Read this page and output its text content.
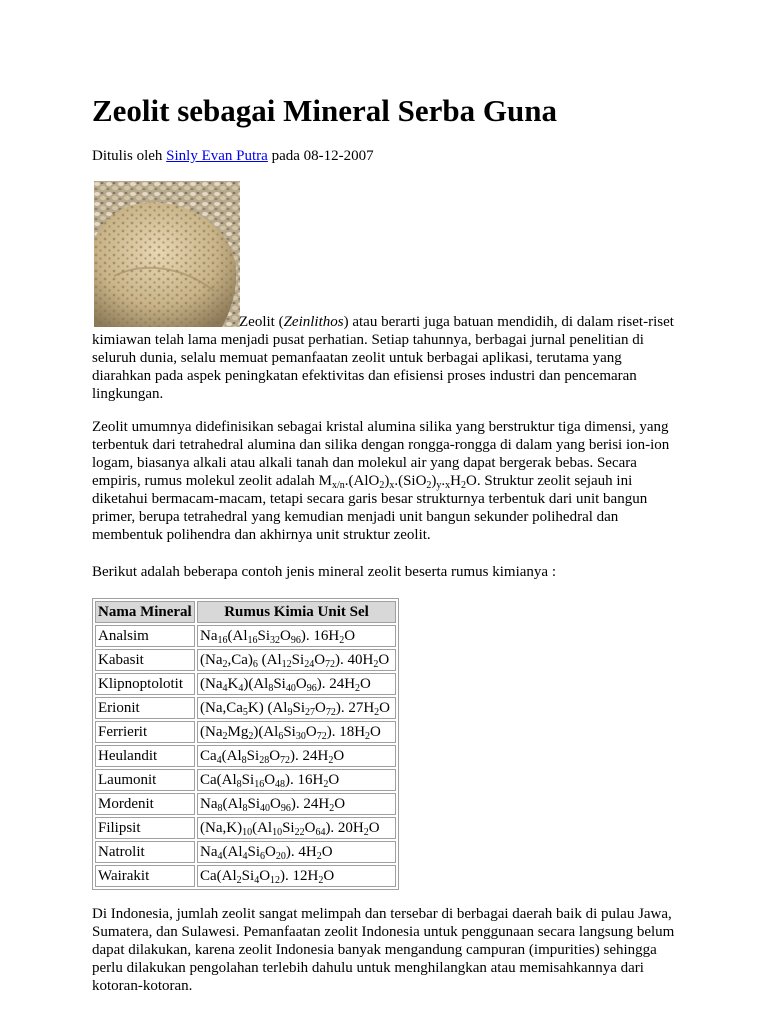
Zeolit sebagai Mineral Serba Guna
Ditulis oleh Sinly Evan Putra pada 08-12-2007

Zeolit (Zeinlithos) atau berarti juga batuan mendidih, di dalam riset-riset kimiawan telah lama menjadi pusat perhatian. Setiap tahunnya, berbagai jurnal penelitian di seluruh dunia, selalu memuat pemanfaatan zeolit untuk berbagai aplikasi, terutama yang diarahkan pada aspek peningkatan efektivitas dan efisiensi proses industri dan pencemaran lingkungan.

Zeolit umumnya didefinisikan sebagai kristal alumina silika yang berstruktur tiga dimensi, yang terbentuk dari tetrahedral alumina dan silika dengan rongga-rongga di dalam yang berisi ion-ion logam, biasanya alkali atau alkali tanah dan molekul air yang dapat bergerak bebas. Secara empiris, rumus molekul zeolit adalah $M_{x/n}.(AlO_2)_x.(SiO_2)_y._xH_2O$. Struktur zeolit sejauh ini diketahui bermacam-macam, tetapi secara garis besar strukturnya terbentuk dari unit bangun primer, berupa tetrahedral yang kemudian menjadi unit bangun sekunder polihedral dan membentuk polihendra dan akhirnya unit struktur zeolit.

Berikut adalah beberapa contoh jenis mineral zeolit beserta rumus kimianya :

Nama Mineral	Rumus Kimia Unit Sel
Analsim	$Na_{16}(Al_{16}Si_{32}O_{96})$. $16H_2O$
Kabasit	$(Na_2,Ca)_6$ $(Al_{12}Si_{24}O_{72})$. $40H_2O$
Klipnoptolotit	$(Na_4K_4)(Al_8Si_{40}O_{96})$. $24H_2O$
Erionit	$(Na,Ca_5K)$ $(Al_9Si_{27}O_{72})$. $27H_2O$
Ferrierit	$(Na_2Mg_2)(Al_6Si_{30}O_{72})$. $18H_2O$
Heulandit	$Ca_4(Al_8Si_{28}O_{72})$. $24H_2O$
Laumonit	$Ca(Al_8Si_{16}O_{48})$. $16H_2O$
Mordenit	$Na_8(Al_8Si_{40}O_{96})$. $24H_2O$
Filipsit	$(Na,K)_{10}(Al_{10}Si_{22}O_{64})$. $20H_2O$
Natrolit	$Na_4(Al_4Si_6O_{20})$. $4H_2O$
Wairakit	$Ca(Al_2Si_4O_{12})$. $12H_2O$

Di Indonesia, jumlah zeolit sangat melimpah dan tersebar di berbagai daerah baik di pulau Jawa, Sumatera, dan Sulawesi. Pemanfaatan zeolit Indonesia untuk penggunaan secara langsung belum dapat dilakukan, karena zeolit Indonesia banyak mengandung campuran (impurities) sehingga perlu dilakukan pengolahan terlebih dahulu untuk menghilangkan atau memisahkannya dari kotoran-kotoran.
